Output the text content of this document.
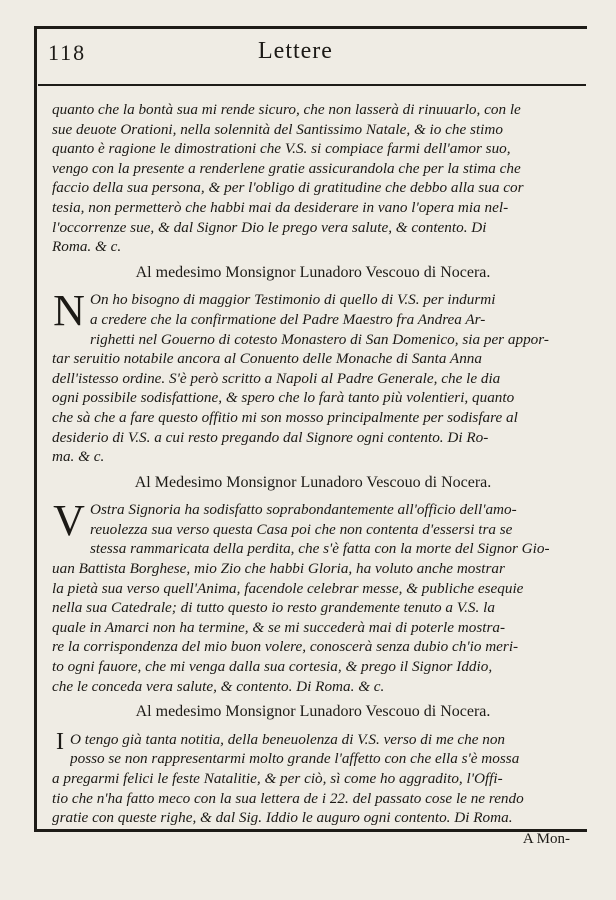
118	Lettere
quanto che la bontà sua mi rende sicuro, che non lasserà di rinuuarlo, con le
sue deuote Orationi, nella solennità del Santissimo Natale, & io che stimo
quanto è ragione le dimostrationi che V.S. si compiace farmi dell'amor suo,
vengo con la presente a renderlene gratie assicurandola che per la stima che
faccio della sua persona, & per l'obligo di gratitudine che debbo alla sua cor
tesia, non permetterò che habbi mai da desiderare in vano l'opera mia nel-
l'occorrenze sue, & dal Signor Dio le prego vera salute, & contento. Di
Roma. & c.
Al medesimo Monsignor Lunadoro Vescouo di Nocera.
N On ho bisogno di maggior Testimonio di quello di V.S. per indurmi
a credere che la confirmatione del Padre Maestro fra Andrea Ar-
righetti nel Gouerno di cotesto Monastero di San Domenico, sia per appor-
tar seruitio notabile ancora al Conuento delle Monache di Santa Anna
dell'istesso ordine. S'è però scritto a Napoli al Padre Generale, che le dia
ogni possibile sodisfattione, & spero che lo farà tanto più volentieri, quanto
che sà che a fare questo offitio mi son mosso principalmente per sodisfare al
desiderio di V.S. a cui resto pregando dal Signore ogni contento. Di Ro-
ma. & c.
Al Medesimo Monsignor Lunadoro Vescouo di Nocera.
V Ostra Signoria ha sodisfatto soprabondantemente all'officio dell'amo-
reuolezza sua verso questa Casa poi che non contenta d'essersi tra se
stessa rammaricata della perdita, che s'è fatta con la morte del Signor Gio-
uan Battista Borghese, mio Zio che habbi Gloria, ha voluto anche mostrar
la pietà sua verso quell'Anima, facendole celebrar messe, & publiche esequie
nella sua Catedrale; di tutto questo io resto grandemente tenuto a V.S. la
quale in Amarci non ha termine, & se mi succederà mai di poterle mostra-
re la corrispondenza del mio buon volere, conoscerà senza dubio ch'io meri-
to ogni fauore, che mi venga dalla sua cortesia, & prego il Signor Iddio,
che le conceda vera salute, & contento. Di Roma. & c.
Al medesimo Monsignor Lunadoro Vescouo di Nocera.
I O tengo già tanta notitia, della beneuolenza di V.S. verso di me che non
posso se non rappresentarmi molto grande l'affetto con che ella s'è mossa
a pregarmi felici le feste Natalitie, & per ciò, sì come ho aggradito, l'Offi-
tio che n'ha fatto meco con la sua lettera de i 22. del passato cose le ne rendo
gratie con queste righe, & dal Sig. Iddio le auguro ogni contento. Di Roma.
A Mon-
